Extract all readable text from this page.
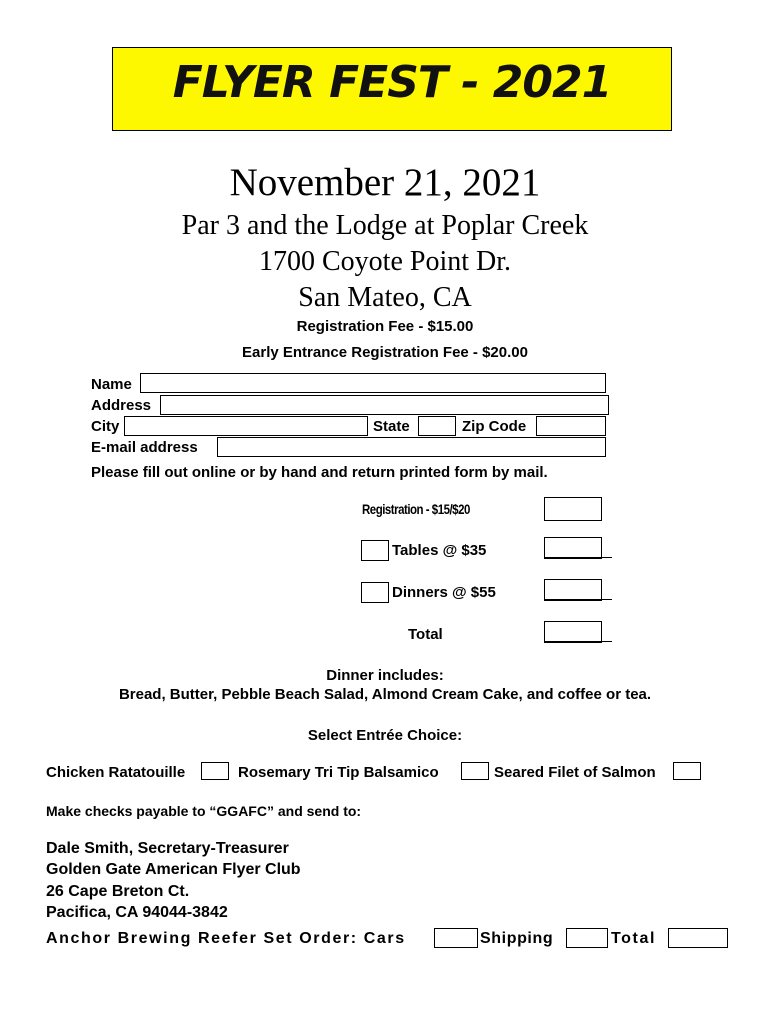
FLYER FEST - 2021
November 21, 2021
Par 3 and the Lodge at Poplar Creek
1700 Coyote Point Dr.
San Mateo, CA
Registration Fee - $15.00
Early Entrance Registration Fee - $20.00
Name
Address
City	State	Zip Code
E-mail address
Please fill out online or by hand and return printed form by mail.
Registration - $15/$20
Tables @ $35
Dinners @ $55
Total
Dinner includes:
Bread, Butter, Pebble Beach Salad, Almond Cream Cake, and coffee or tea.
Select Entrée Choice:
Chicken Ratatouille	Rosemary Tri Tip Balsamico	Seared Filet of Salmon
Make checks payable to “GGAFC” and send to:
Dale Smith, Secretary-Treasurer
Golden Gate American Flyer Club
26 Cape Breton Ct.
Pacifica, CA 94044-3842
Anchor Brewing Reefer Set Order: Cars	Shipping	Total
